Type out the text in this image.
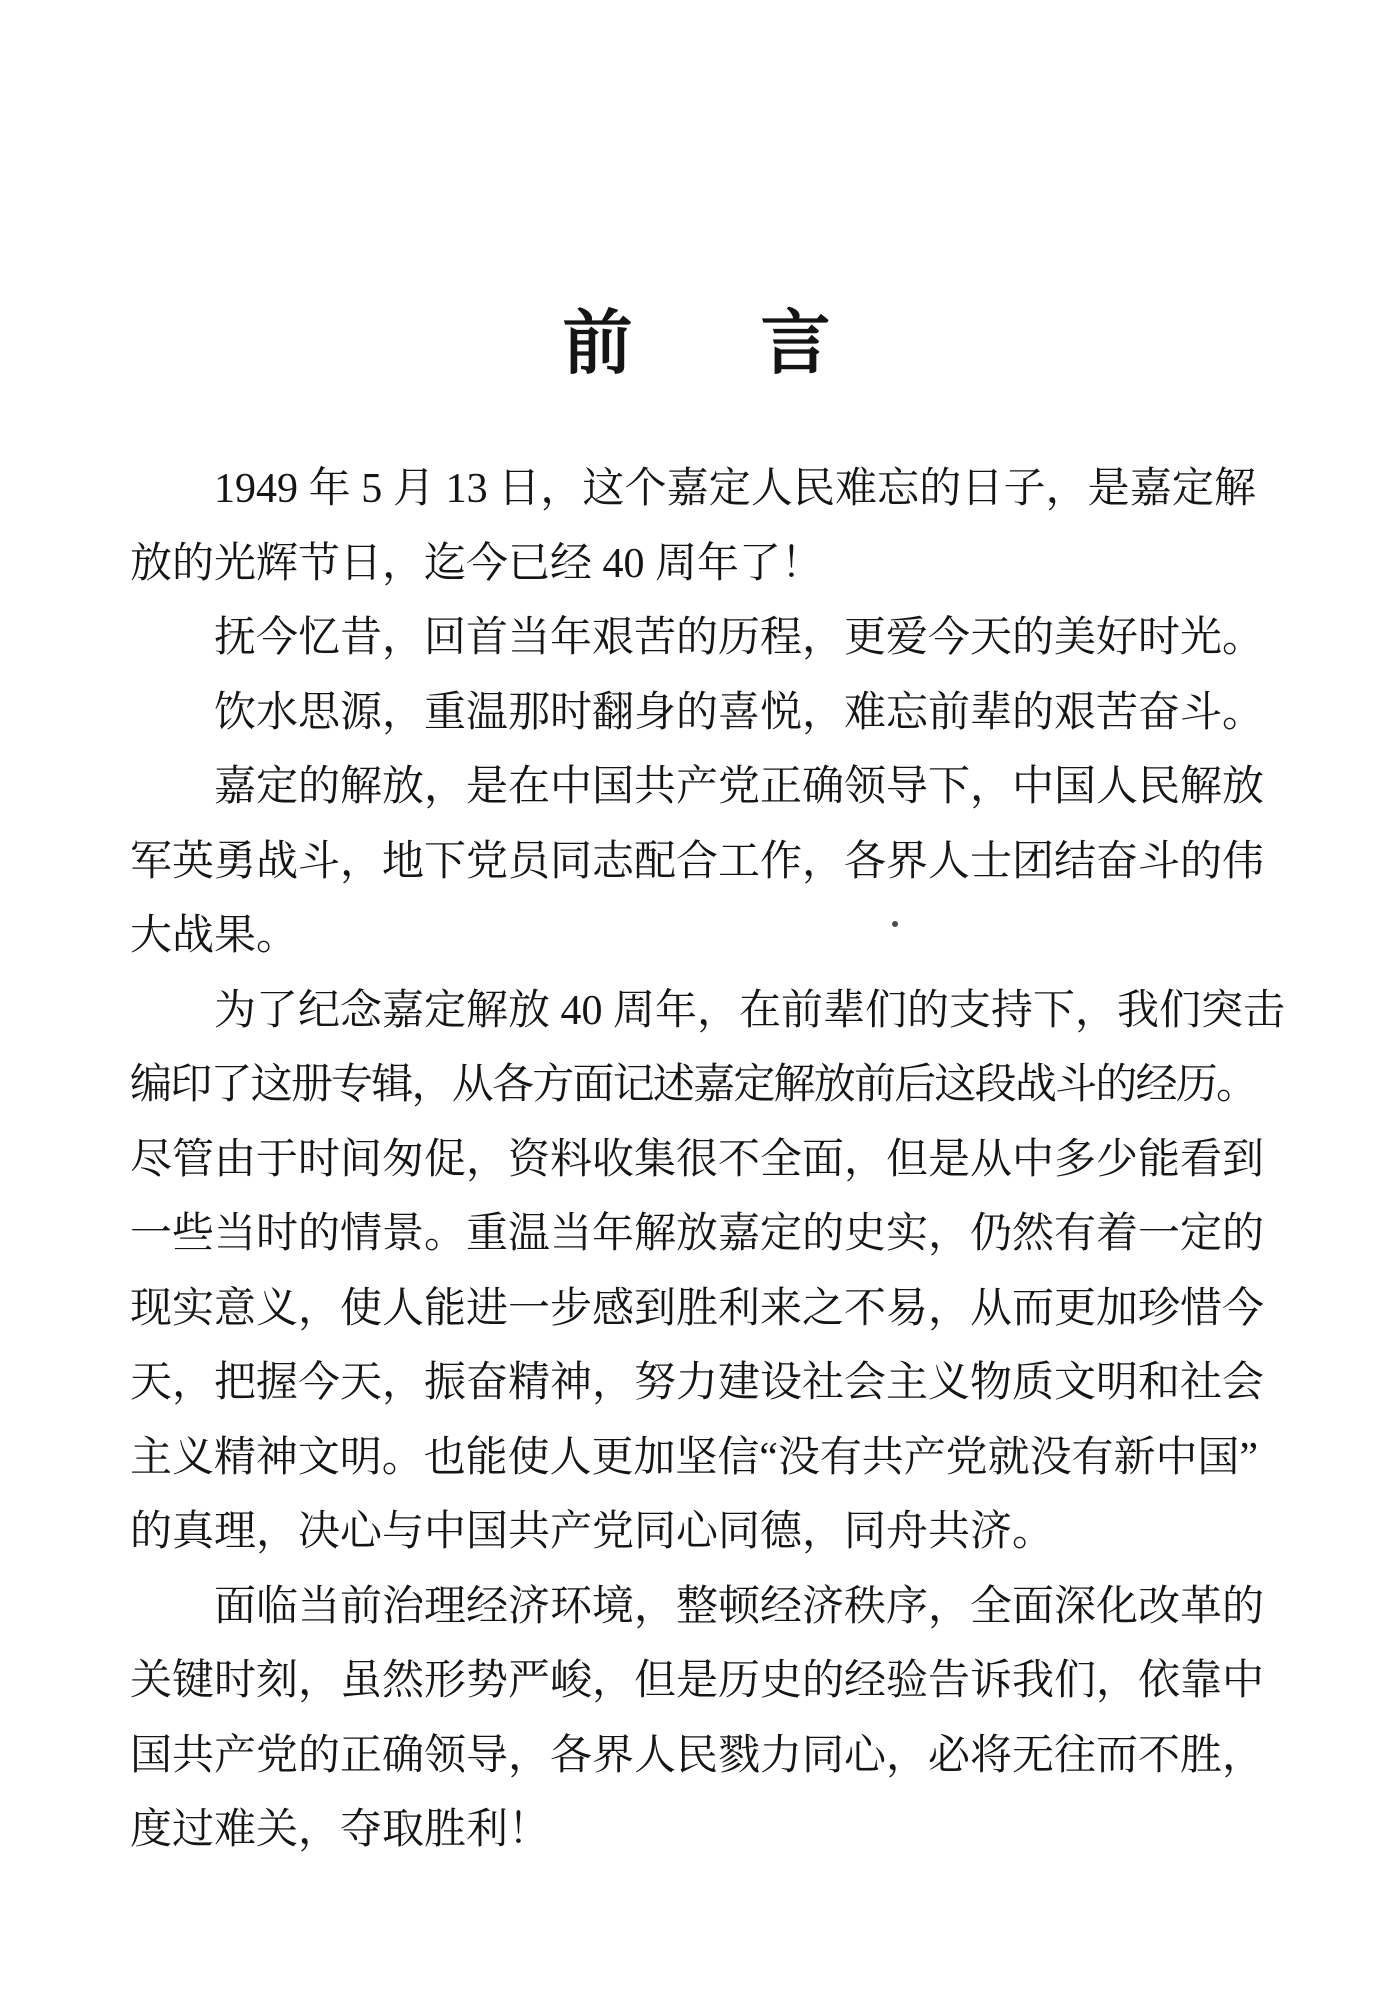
前 言
1949 年 5 月 13 日，这个嘉定人民难忘的日子，是嘉定解
放的光辉节日，迄今已经 40 周年了！
抚今忆昔，回首当年艰苦的历程，更爱今天的美好时光。
饮水思源，重温那时翻身的喜悦，难忘前辈的艰苦奋斗。
嘉定的解放，是在中国共产党正确领导下，中国人民解放
军英勇战斗，地下党员同志配合工作，各界人士团结奋斗的伟
大战果。
为了纪念嘉定解放 40 周年，在前辈们的支持下，我们突击
编印了这册专辑，从各方面记述嘉定解放前后这段战斗的经历。
尽管由于时间匆促，资料收集很不全面，但是从中多少能看到
一些当时的情景。重温当年解放嘉定的史实，仍然有着一定的
现实意义，使人能进一步感到胜利来之不易，从而更加珍惜今
天，把握今天，振奋精神，努力建设社会主义物质文明和社会
主义精神文明。也能使人更加坚信“没有共产党就没有新中国”
的真理，决心与中国共产党同心同德，同舟共济。
面临当前治理经济环境，整顿经济秩序，全面深化改革的
关键时刻，虽然形势严峻，但是历史的经验告诉我们，依靠中
国共产党的正确领导，各界人民戮力同心，必将无往而不胜，
度过难关，夺取胜利！
